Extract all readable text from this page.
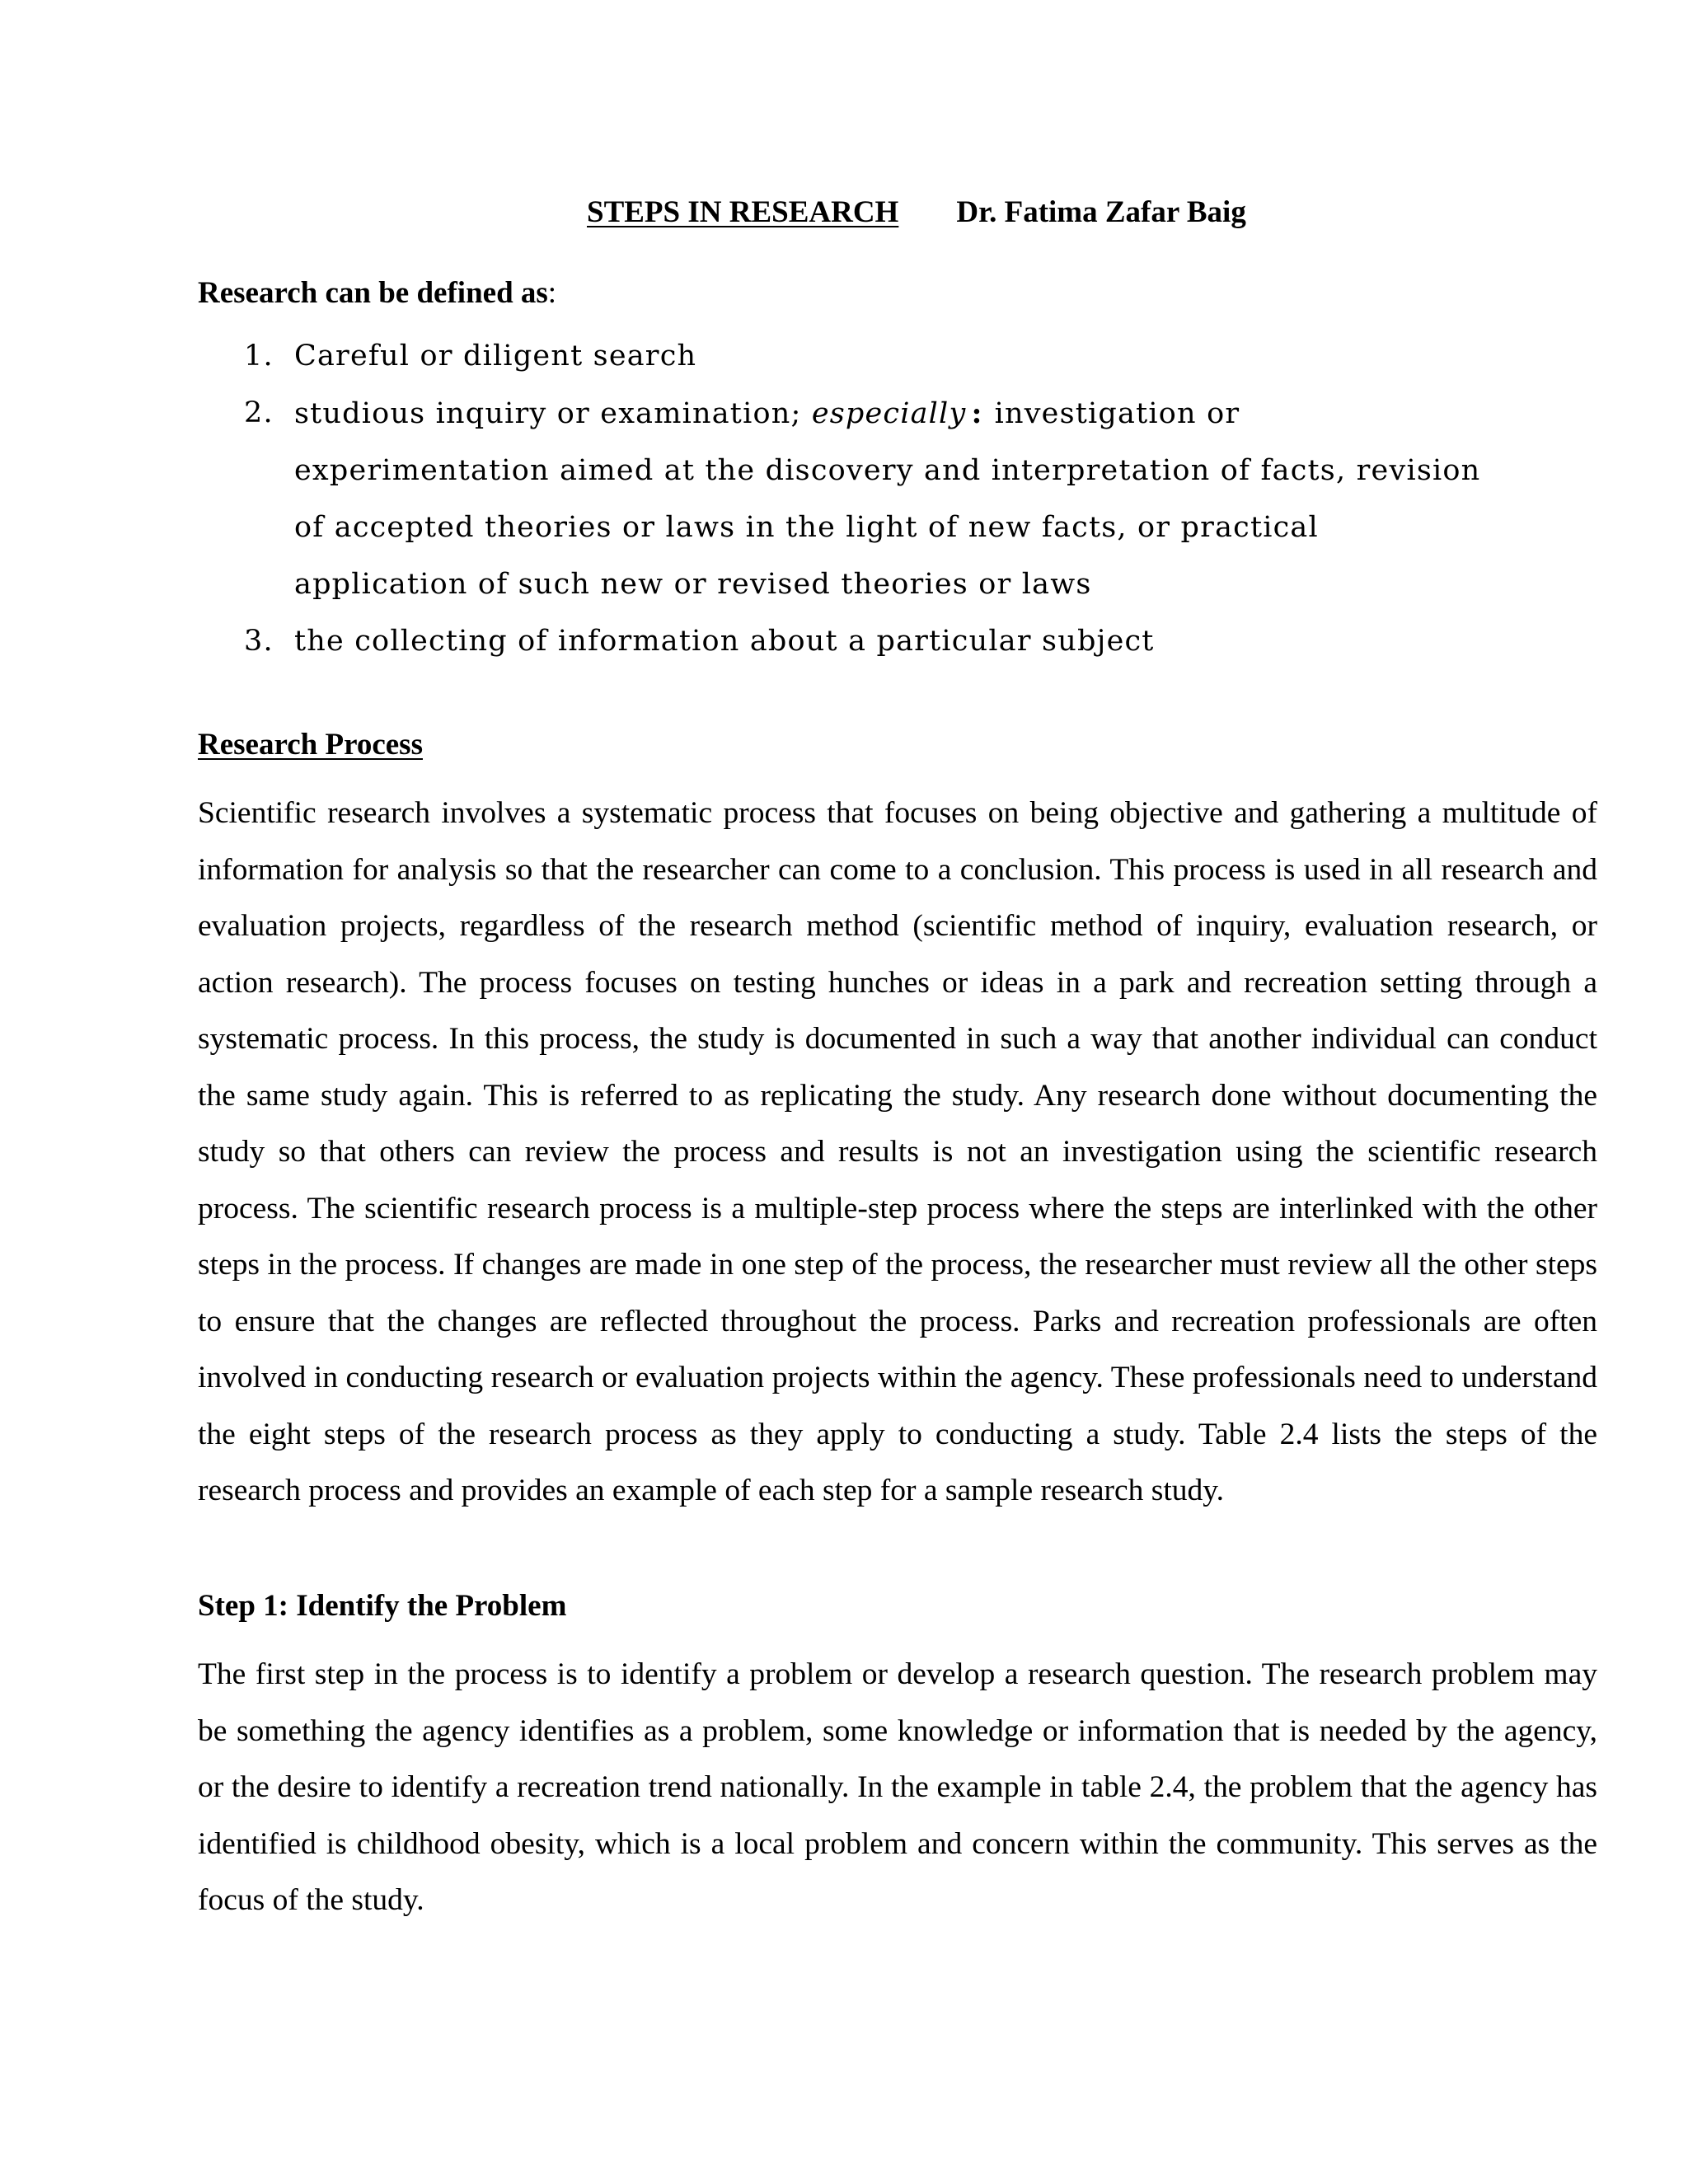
STEPS IN RESEARCH Dr. Fatima Zafar Baig
Research can be defined as:
1. Careful or diligent search
2. studious inquiry or examination; especially : investigation or experimentation aimed at the discovery and interpretation of facts, revision of accepted theories or laws in the light of new facts, or practical application of such new or revised theories or laws
3. the collecting of information about a particular subject
Research Process

Scientific research involves a systematic process that focuses on being objective and gathering a multitude of information for analysis so that the researcher can come to a conclusion. This process is used in all research and evaluation projects, regardless of the research method (scientific method of inquiry, evaluation research, or action research). The process focuses on testing hunches or ideas in a park and recreation setting through a systematic process. In this process, the study is documented in such a way that another individual can conduct the same study again. This is referred to as replicating the study. Any research done without documenting the study so that others can review the process and results is not an investigation using the scientific research process. The scientific research process is a multiple-step process where the steps are interlinked with the other steps in the process. If changes are made in one step of the process, the researcher must review all the other steps to ensure that the changes are reflected throughout the process. Parks and recreation professionals are often involved in conducting research or evaluation projects within the agency. These professionals need to understand the eight steps of the research process as they apply to conducting a study. Table 2.4 lists the steps of the research process and provides an example of each step for a sample research study.

Step 1: Identify the Problem

The first step in the process is to identify a problem or develop a research question. The research problem may be something the agency identifies as a problem, some knowledge or information that is needed by the agency, or the desire to identify a recreation trend nationally. In the example in table 2.4, the problem that the agency has identified is childhood obesity, which is a local problem and concern within the community. This serves as the focus of the study.
